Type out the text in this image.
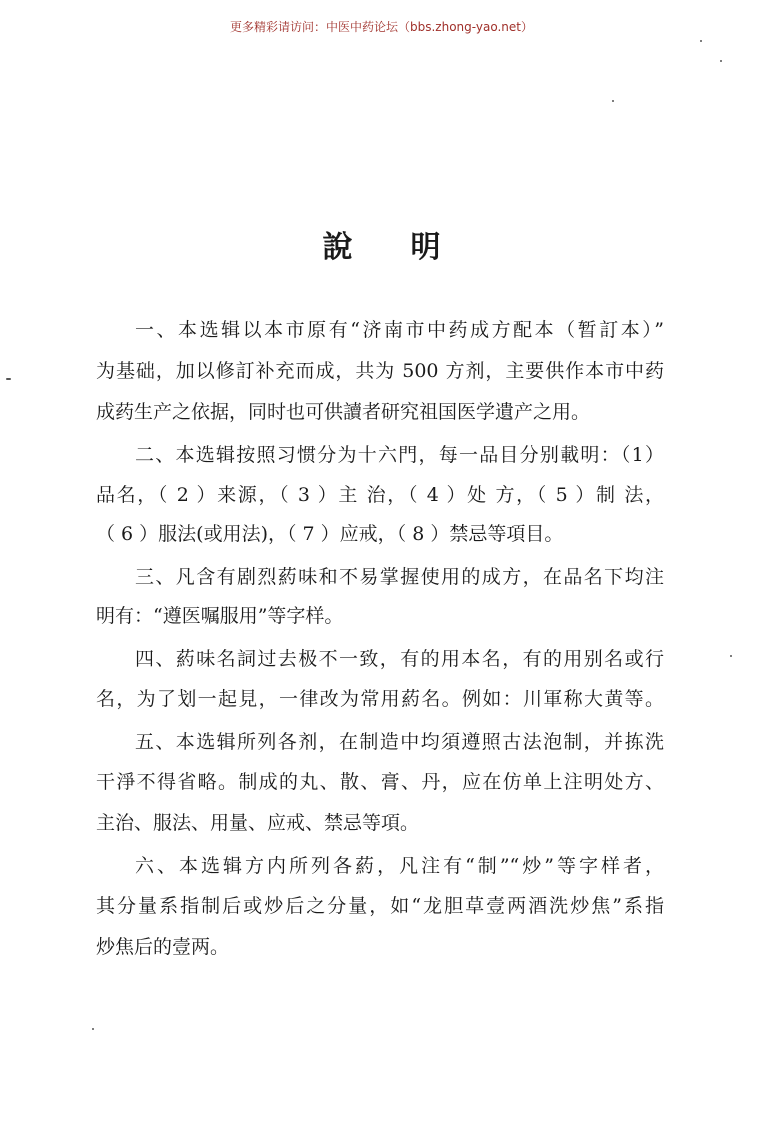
更多精彩请访问：中医中药论坛（bbs.zhong-yao.net）
說明
一、本选辑以本市原有“济南市中药成方配本（暂訂本）”
为基础，加以修訂补充而成，共为 500 方剂，主要供作本市中药
成药生产之依据，同时也可供讀者研究祖国医学遺产之用。
二、本选辑按照习惯分为十六門，每一品目分别載明：（1）
品名，（ 2 ）来源，（ 3 ）主 治，（ 4 ）处 方，（ 5 ）制 法，
（ 6 ）服法(或用法)，（ 7 ）应戒，（ 8 ）禁忌等項目。
三、凡含有剧烈葯味和不易掌握使用的成方，在品名下均注
明有：“遵医嘱服用”等字样。
四、葯味名詞过去极不一致，有的用本名，有的用别名或行
名，为了划一起見，一律改为常用葯名。例如：川軍称大黄等。
五、本选辑所列各剂，在制造中均須遵照古法泡制，并拣洗
干淨不得省略。制成的丸、散、膏、丹，应在仿单上注明处方、
主治、服法、用量、应戒、禁忌等項。
六、本选辑方内所列各葯，凡注有“制”“炒”等字样者，
其分量系指制后或炒后之分量，如“龙胆草壹两酒洗炒焦”系指
炒焦后的壹两。
